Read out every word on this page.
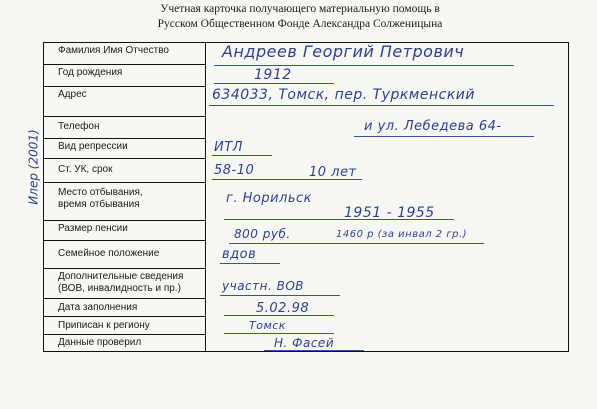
Учетная карточка получающего материальную помощь в
Русском Общественном Фонде Александра Солженицына
Илер (2001)
Фамилия Имя Отчество	Андреев Георгий Петрович
Год рождения	1912
Адрес	634033, Томск, пер. Туркменский
Телефон	и ул. Лебедева 64-
Вид репрессии	ИТЛ
Ст. УК, срок	58-10	10 лет
Место отбывания,
время отбывания	г. Норильск
1951 - 1955
Размер пенсии	800 руб.	1460 р (за инвал 2 гр.)
Семейное положение	вдов
Дополнительные сведения
(ВОВ, инвалидность и пр.)	участн. ВОВ
Дата заполнения	5.02.98
Приписан к региону	Томск
Данные проверил	Н. Фасей
